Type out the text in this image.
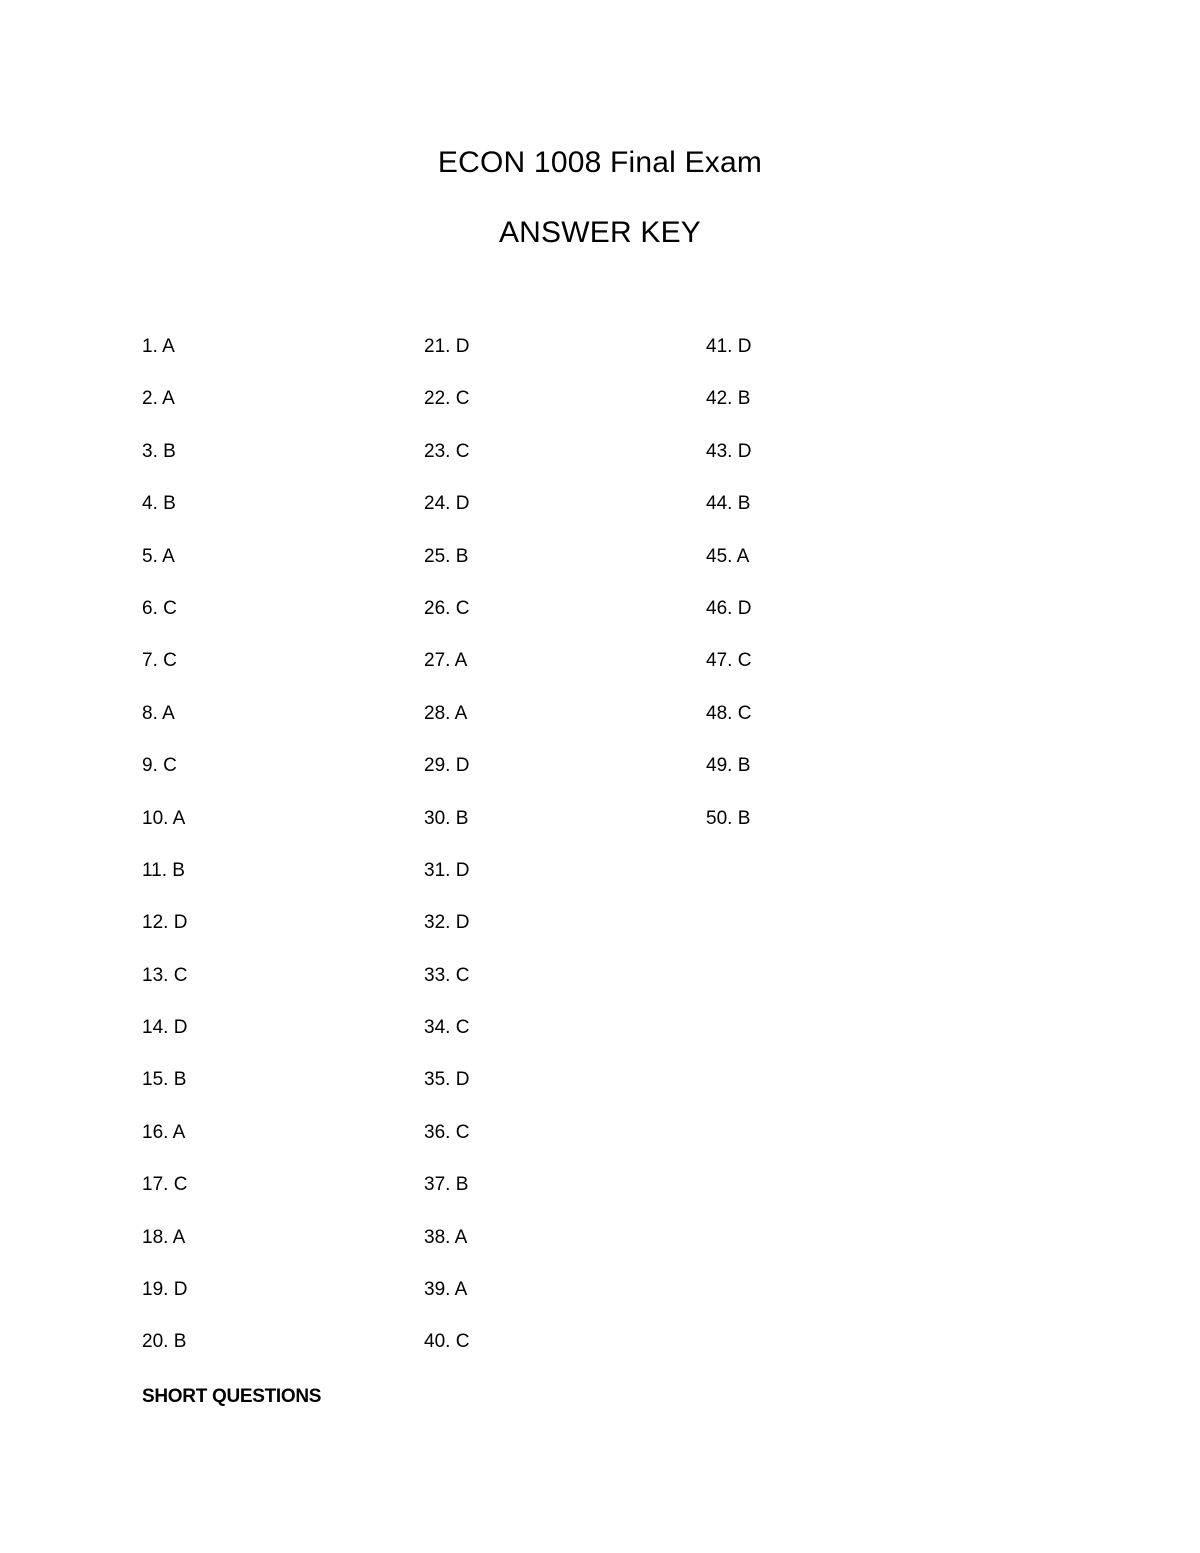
ECON 1008 Final Exam
ANSWER KEY
1. A
2. A
3. B
4. B
5. A
6. C
7. C
8. A
9. C
10. A
11. B
12. D
13. C
14. D
15. B
16. A
17. C
18. A
19. D
20. B
21. D
22. C
23. C
24. D
25. B
26. C
27. A
28. A
29. D
30. B
31. D
32. D
33. C
34. C
35. D
36. C
37. B
38. A
39. A
40. C
41. D
42. B
43. D
44. B
45. A
46. D
47. C
48. C
49. B
50. B
SHORT QUESTIONS
